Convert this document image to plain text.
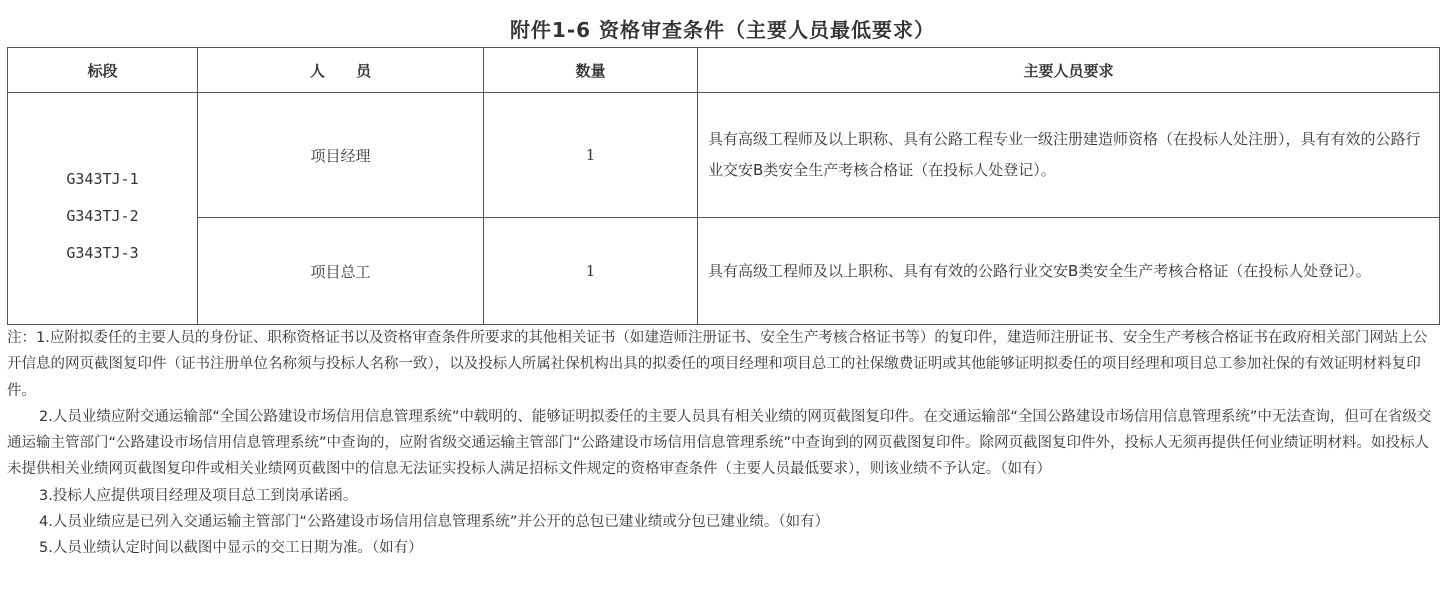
附件1-6 资格审查条件（主要人员最低要求）
标段	人      员	数量	主要人员要求

G343TJ-1
G343TJ-2
G343TJ-3	项目经理	1	具有高级工程师及以上职称、具有公路工程专业一级注册建造师资格（在投标人处注册），具有有效的公路行业交安B类安全生产考核合格证（在投标人处登记）。
	项目总工	1	具有高级工程师及以上职称、具有有效的公路行业交安B类安全生产考核合格证（在投标人处登记）。

注：1.应附拟委任的主要人员的身份证、职称资格证书以及资格审查条件所要求的其他相关证书（如建造师注册证书、安全生产考核合格证书等）的复印件，建造师注册证书、安全生产考核合格证书在政府相关部门网站上公开信息的网页截图复印件（证书注册单位名称须与投标人名称一致），以及投标人所属社保机构出具的拟委任的项目经理和项目总工的社保缴费证明或其他能够证明拟委任的项目经理和项目总工参加社保的有效证明材料复印件。

2.人员业绩应附交通运输部“全国公路建设市场信用信息管理系统”中载明的、能够证明拟委任的主要人员具有相关业绩的网页截图复印件。在交通运输部“全国公路建设市场信用信息管理系统”中无法查询，但可在省级交通运输主管部门“公路建设市场信用信息管理系统”中查询的，应附省级交通运输主管部门“公路建设市场信用信息管理系统”中查询到的网页截图复印件。除网页截图复印件外，投标人无须再提供任何业绩证明材料。如投标人未提供相关业绩网页截图复印件或相关业绩网页截图中的信息无法证实投标人满足招标文件规定的资格审查条件（主要人员最低要求），则该业绩不予认定。（如有）

3.投标人应提供项目经理及项目总工到岗承诺函。

4.人员业绩应是已列入交通运输主管部门“公路建设市场信用信息管理系统”并公开的总包已建业绩或分包已建业绩。（如有）

5.人员业绩认定时间以截图中显示的交工日期为准。（如有）
